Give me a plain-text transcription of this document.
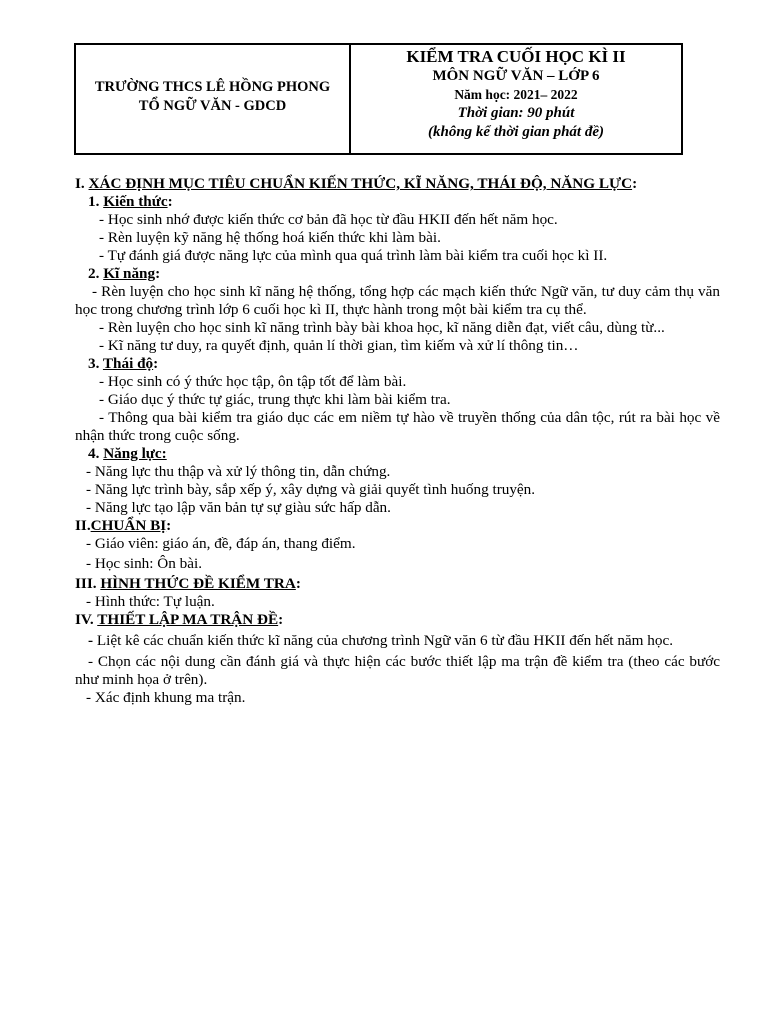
TRƯỜNG THCS LÊ HỒNG PHONG
TỔ NGỮ VĂN - GDCD
KIỂM TRA CUỐI HỌC KÌ II
MÔN NGỮ VĂN – LỚP 6
Năm học: 2021– 2022
Thời gian: 90 phút
(không kể thời gian phát đề)

I. XÁC ĐỊNH MỤC TIÊU CHUẨN KIẾN THỨC, KĨ NĂNG, THÁI ĐỘ, NĂNG LỰC:

1. Kiến thức:

- Học sinh nhớ được kiến thức cơ bản đã học từ đầu HKII đến hết năm học.

- Rèn luyện kỹ năng hệ thống hoá kiến thức khi làm bài.

- Tự đánh giá được năng lực của mình qua quá trình làm bài kiểm tra cuối học kì II.

2. Kĩ năng:

- Rèn luyện cho học sinh kĩ năng hệ thống, tổng hợp các mạch kiến thức Ngữ văn, tư duy cảm thụ văn học trong chương trình lớp 6 cuối học kì II, thực hành trong một bài kiểm tra cụ thể.

- Rèn luyện cho học sinh kĩ năng trình bày bài khoa học, kĩ năng diễn đạt, viết câu, dùng từ...

- Kĩ năng tư duy, ra quyết định, quản lí thời gian, tìm kiếm và xử lí thông tin…

3. Thái độ:

- Học sinh có ý thức học tập, ôn tập tốt để làm bài.

- Giáo dục ý thức tự giác, trung thực khi làm bài kiểm tra.

- Thông qua bài kiểm tra giáo dục các em niềm tự hào về truyền thống của dân tộc, rút ra bài học về nhận thức trong cuộc sống.

4. Năng lực:

- Năng lực thu thập và xử lý thông tin, dẫn chứng.

- Năng lực trình bày, sắp xếp ý, xây dựng và giải quyết tình huống truyện.

- Năng lực tạo lập văn bản tự sự giàu sức hấp dẫn.

II.CHUẨN BỊ:

- Giáo viên: giáo án, đề, đáp án, thang điểm.

- Học sinh: Ôn bài.

III. HÌNH THỨC ĐỀ KIỂM TRA:

- Hình thức: Tự luận.

IV. THIẾT LẬP MA TRẬN ĐỀ:

- Liệt kê các chuẩn kiến thức kĩ năng của chương trình Ngữ văn 6 từ đầu HKII đến hết năm học.

- Chọn các nội dung cần đánh giá và thực hiện các bước thiết lập ma trận đề kiểm tra (theo các bước như minh họa ở trên).

- Xác định khung ma trận.
